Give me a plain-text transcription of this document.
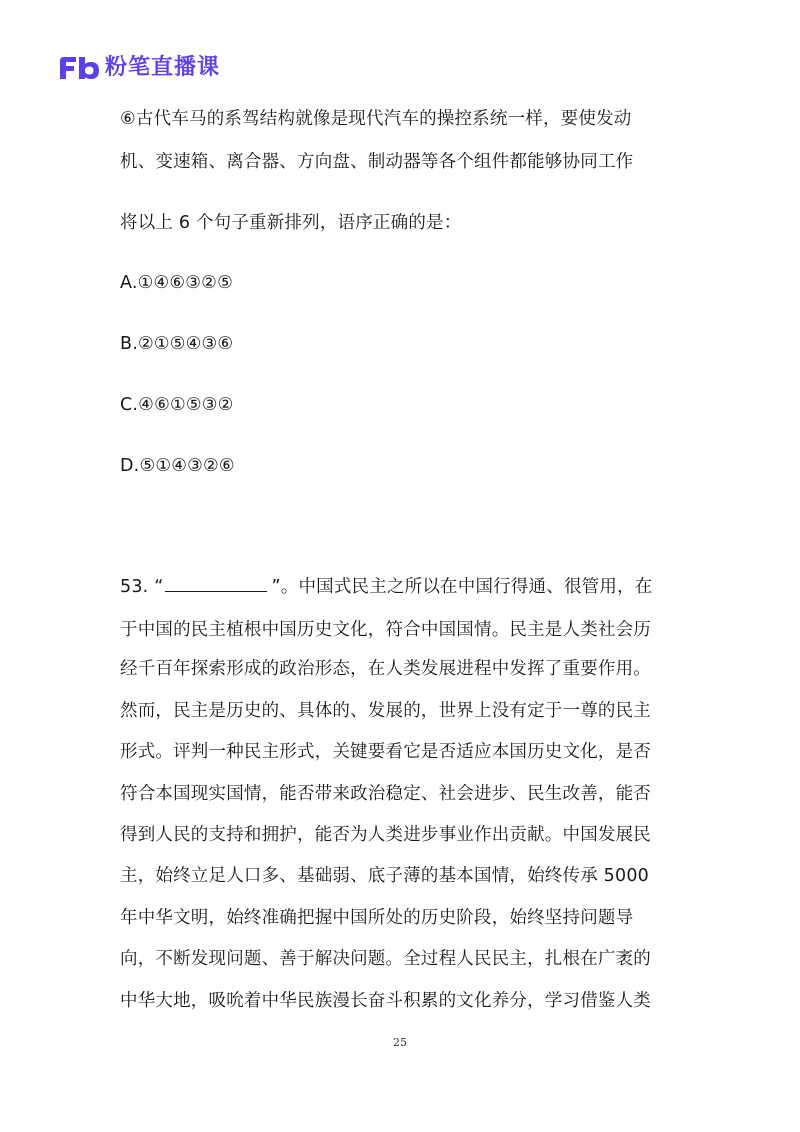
粉笔直播课
⑥古代车马的系驾结构就像是现代汽车的操控系统一样，要使发动
机、变速箱、离合器、方向盘、制动器等各个组件都能够协同工作
将以上 6 个句子重新排列，语序正确的是：
A.①④⑥③②⑤
B.②①⑤④③⑥
C.④⑥①⑤③②
D.⑤①④③②⑥
53. “	”。中国式民主之所以在中国行得通、很管用，在
于中国的民主植根中国历史文化，符合中国国情。民主是人类社会历
经千百年探索形成的政治形态，在人类发展进程中发挥了重要作用。
然而，民主是历史的、具体的、发展的，世界上没有定于一尊的民主
形式。评判一种民主形式，关键要看它是否适应本国历史文化，是否
符合本国现实国情，能否带来政治稳定、社会进步、民生改善，能否
得到人民的支持和拥护，能否为人类进步事业作出贡献。中国发展民
主，始终立足人口多、基础弱、底子薄的基本国情，始终传承 5000
年中华文明，始终准确把握中国所处的历史阶段，始终坚持问题导
向，不断发现问题、善于解决问题。全过程人民民主，扎根在广袤的
中华大地，吸吮着中华民族漫长奋斗积累的文化养分，学习借鉴人类
25
